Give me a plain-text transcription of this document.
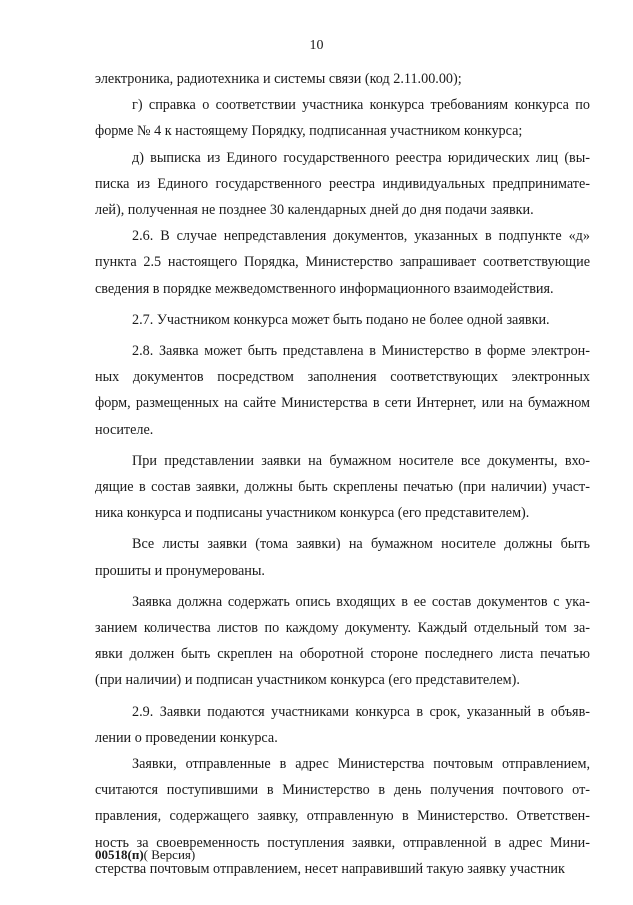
10

электроника, радиотехника и системы связи (код 2.11.00.00);

г) справка о соответствии участника конкурса требованиям конкурса по
форме № 4 к настоящему Порядку, подписанная участником конкурса;

д) выписка из Единого государственного реестра юридических лиц (вы-
писка из Единого государственного реестра индивидуальных предпринимате-
лей), полученная не позднее 30 календарных дней до дня подачи заявки.

2.6. В случае непредставления документов, указанных в подпункте «д»
пункта 2.5 настоящего Порядка, Министерство запрашивает соответствующие
сведения в порядке межведомственного информационного взаимодействия.

2.7. Участником конкурса может быть подано не более одной заявки.

2.8. Заявка может быть представлена в Министерство в форме электрон-
ных документов посредством заполнения соответствующих электронных
форм, размещенных на сайте Министерства в сети Интернет, или на бумажном
носителе.

При представлении заявки на бумажном носителе все документы, вхо-
дящие в состав заявки, должны быть скреплены печатью (при наличии) участ-
ника конкурса и подписаны участником конкурса (его представителем).

Все листы заявки (тома заявки) на бумажном носителе должны быть
прошиты и пронумерованы.

Заявка должна содержать опись входящих в ее состав документов с ука-
занием количества листов по каждому документу. Каждый отдельный том за-
явки должен быть скреплен на оборотной стороне последнего листа печатью
(при наличии) и подписан участником конкурса (его представителем).

2.9. Заявки подаются участниками конкурса в срок, указанный в объяв-
лении о проведении конкурса.

Заявки, отправленные в адрес Министерства почтовым отправлением,
считаются поступившими в Министерство в день получения почтового от-
правления, содержащего заявку, отправленную в Министерство. Ответствен-
ность за своевременность поступления заявки, отправленной в адрес Мини-
стерства почтовым отправлением, несет направивший такую заявку участник

00518(п)( Версия)
